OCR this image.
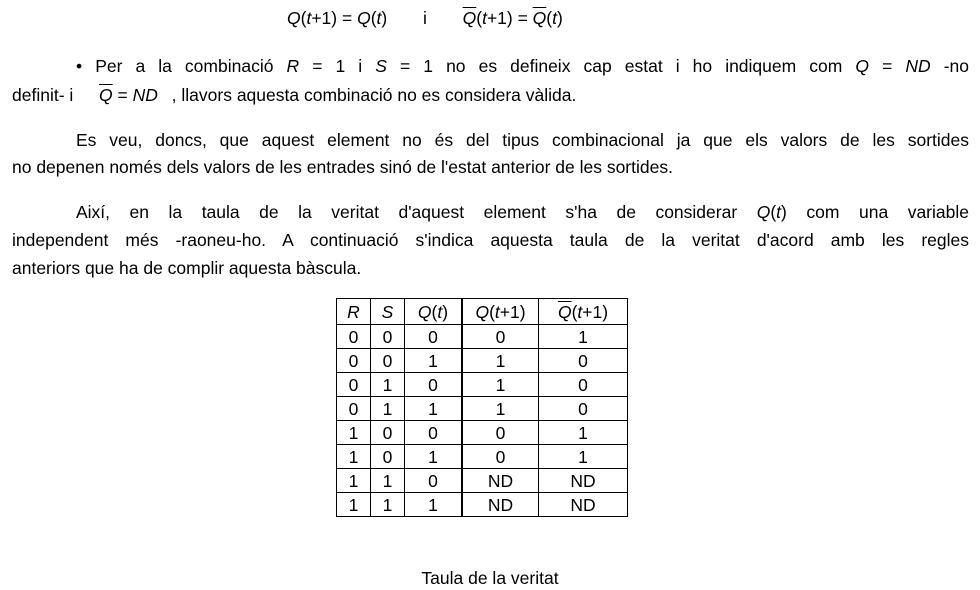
Q(t+1) = Q(t) i $\overline{Q}(t+1) = \overline{Q}(t)$
• Per a la combinació R = 1 i S = 1 no es defineix cap estat i ho indiquem com Q = ND -no
definit- i $\overline{Q}$ = ND , llavors aquesta combinació no es considera vàlida.
Es veu, doncs, que aquest element no és del tipus combinacional ja que els valors de les sortides
no depenen només dels valors de les entrades sinó de l'estat anterior de les sortides.
Així, en la taula de la veritat d'aquest element s'ha de considerar Q(t) com una variable
independent més -raoneu-ho. A continuació s'indica aquesta taula de la veritat d'acord amb les regles
anteriors que ha de complir aquesta bàscula.
R	S	Q(t)	Q(t+1)	$\overline{Q}(t+1)$
0	0	0	0	1
0	0	1	1	0
0	1	0	1	0
0	1	1	1	0
1	0	0	0	1
1	0	1	0	1
1	1	0	ND	ND
1	1	1	ND	ND
Taula de la veritat
